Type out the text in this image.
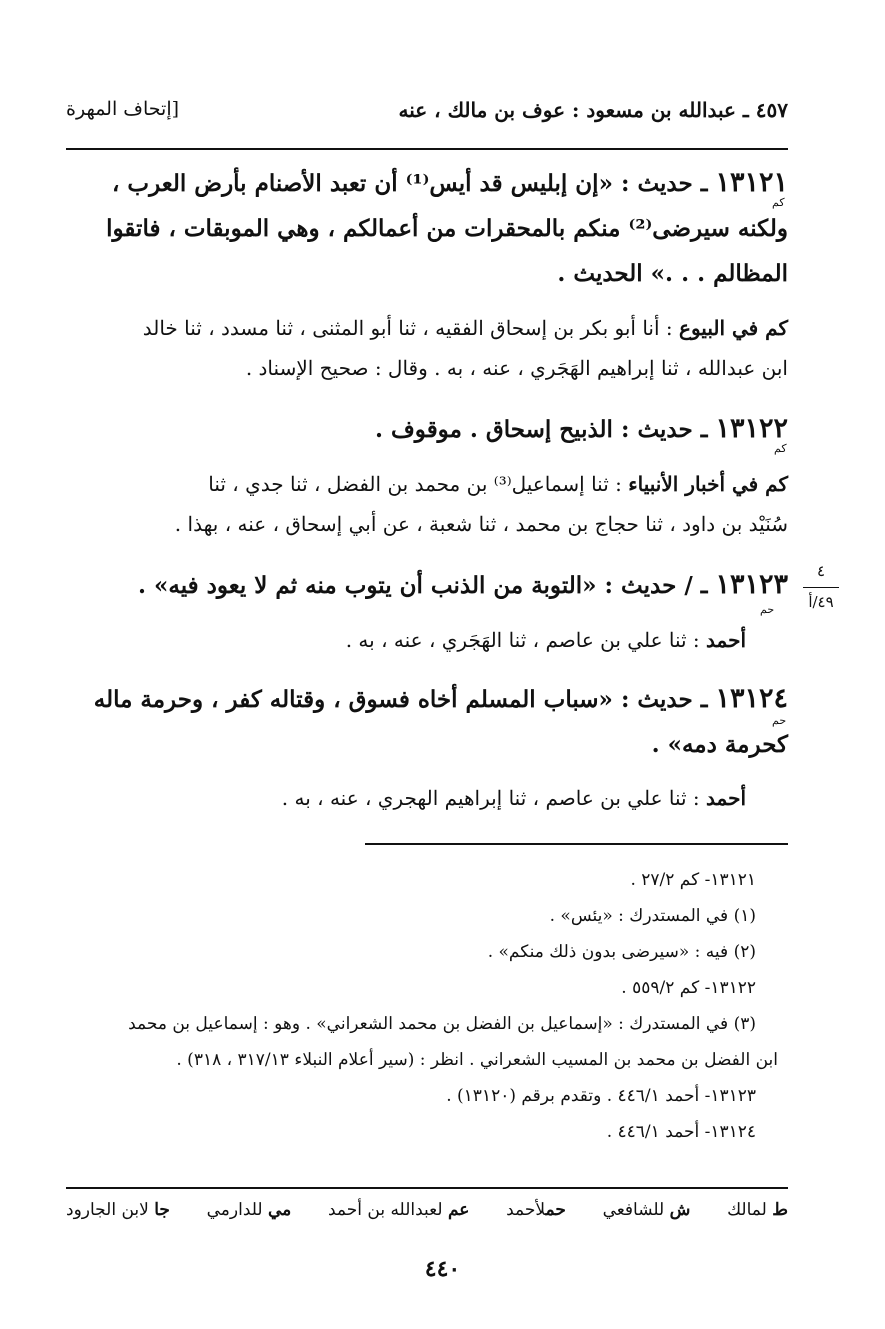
٤٥٧ ـ عبدالله بن مسعود : عوف بن مالك ، عنه
[إتحاف المهرة
١٣١٢١ ـ حديث : «إن إبليس قد أيس⁽¹⁾ أن تعبد الأصنام بأرض العرب ،
ولكنه سيرضى⁽²⁾ منكم بالمحقرات من أعمالكم ، وهي الموبقات ، فاتقوا
المظالم . . .» الحديث .
كم
كم في البيوع : أنا أبو بكر بن إسحاق الفقيه ، ثنا أبو المثنى ، ثنا مسدد ، ثنا خالد
ابن عبدالله ، ثنا إبراهيم الهَجَري ، عنه ، به . وقال : صحيح الإسناد .
١٣١٢٢ ـ حديث : الذبيح إسحاق . موقوف .
كم
كم في أخبار الأنبياء : ثنا إسماعيل⁽³⁾ بن محمد بن الفضل ، ثنا جدي ، ثنا
سُنَيْد بن داود ، ثنا حجاج بن محمد ، ثنا شعبة ، عن أبي إسحاق ، عنه ، بهذا .
١٣١٢٣ ـ / حديث : «التوبة من الذنب أن يتوب منه ثم لا يعود فيه» .
حم
٤
٤٩/أ
أحمد : ثنا علي بن عاصم ، ثنا الهَجَري ، عنه ، به .
١٣١٢٤ ـ حديث : «سباب المسلم أخاه فسوق ، وقتاله كفر ، وحرمة ماله
كحرمة دمه» .
حم
أحمد : ثنا علي بن عاصم ، ثنا إبراهيم الهجري ، عنه ، به .
١٣١٢١- كم ٢٧/٢ .
(١) في المستدرك : «يئس» .
(٢) فيه : «سيرضى بدون ذلك منكم» .
١٣١٢٢- كم ٥٥٩/٢ .
(٣) في المستدرك : «إسماعيل بن الفضل بن محمد الشعراني» . وهو : إسماعيل بن محمد
ابن الفضل بن محمد بن المسيب الشعراني . انظر : (سير أعلام النبلاء ٣١٧/١٣ ، ٣١٨) .
١٣١٢٣- أحمد ٤٤٦/١ . وتقدم برقم (١٣١٢٠) .
١٣١٢٤- أحمد ٤٤٦/١ .
ط لمالك
ش للشافعي
حملأحمد
عم لعبدالله بن أحمد
مي للدارمي
جا لابن الجارود
٤٤٠
